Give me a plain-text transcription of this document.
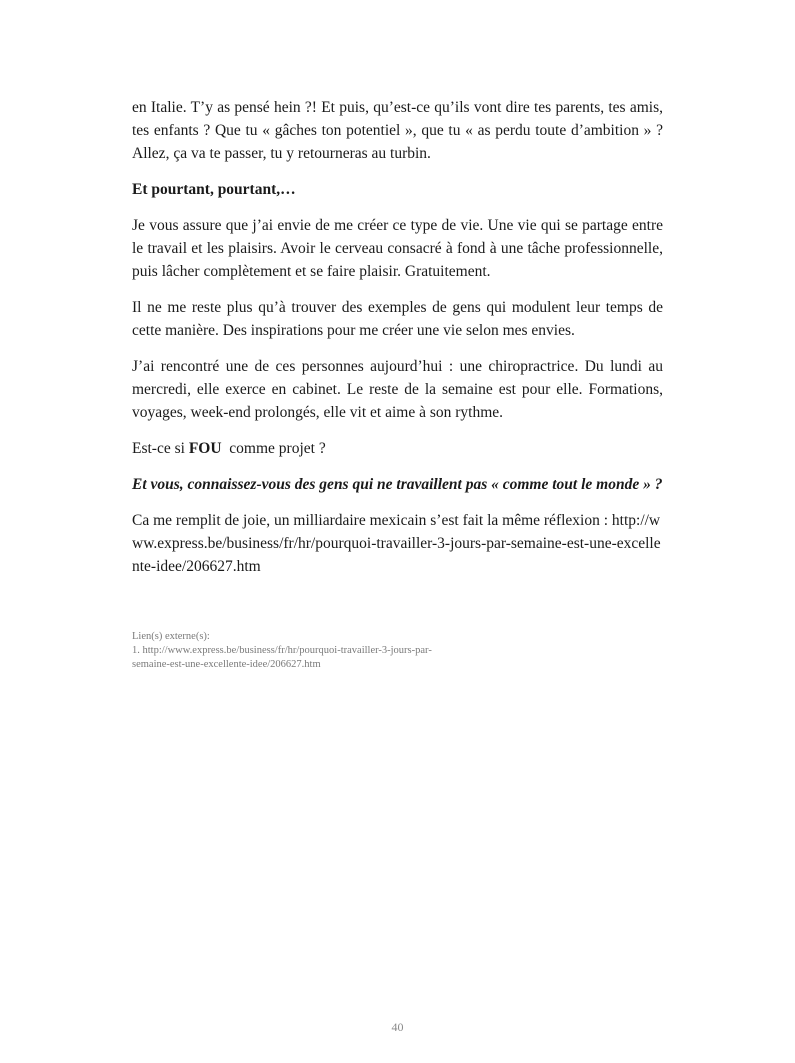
en Italie. T’y as pensé hein ?! Et puis, qu’est-ce qu’ils vont dire tes parents, tes amis, tes enfants ? Que tu « gâches ton potentiel », que tu « as perdu toute d’ambition » ? Allez, ça va te passer, tu y retourneras au turbin.

Et pourtant, pourtant,…

Je vous assure que j’ai envie de me créer ce type de vie. Une vie qui se partage entre le travail et les plaisirs. Avoir le cerveau consacré à fond à une tâche professionnelle, puis lâcher complètement et se faire plaisir. Gratuitement.

Il ne me reste plus qu’à trouver des exemples de gens qui modulent leur temps de cette manière. Des inspirations pour me créer une vie selon mes envies.

J’ai rencontré une de ces personnes aujourd’hui : une chiropractrice. Du lundi au mercredi, elle exerce en cabinet. Le reste de la semaine est pour elle. Formations, voyages, week-end prolongés, elle vit et aime à son rythme.

Est-ce si FOU  comme projet ?

Et vous, connaissez-vous des gens qui ne travaillent pas « comme tout le monde » ?

Ca me remplit de joie, un milliardaire mexicain s’est fait la même réflexion : http://www.express.be/business/fr/hr/pourquoi-travailler-3-jours-par-semaine-est-une-excellente-idee/206627.htm

Lien(s) externe(s):
1. http://www.express.be/business/fr/hr/pourquoi-travailler-3-jours-par-
semaine-est-une-excellente-idee/206627.htm
40
